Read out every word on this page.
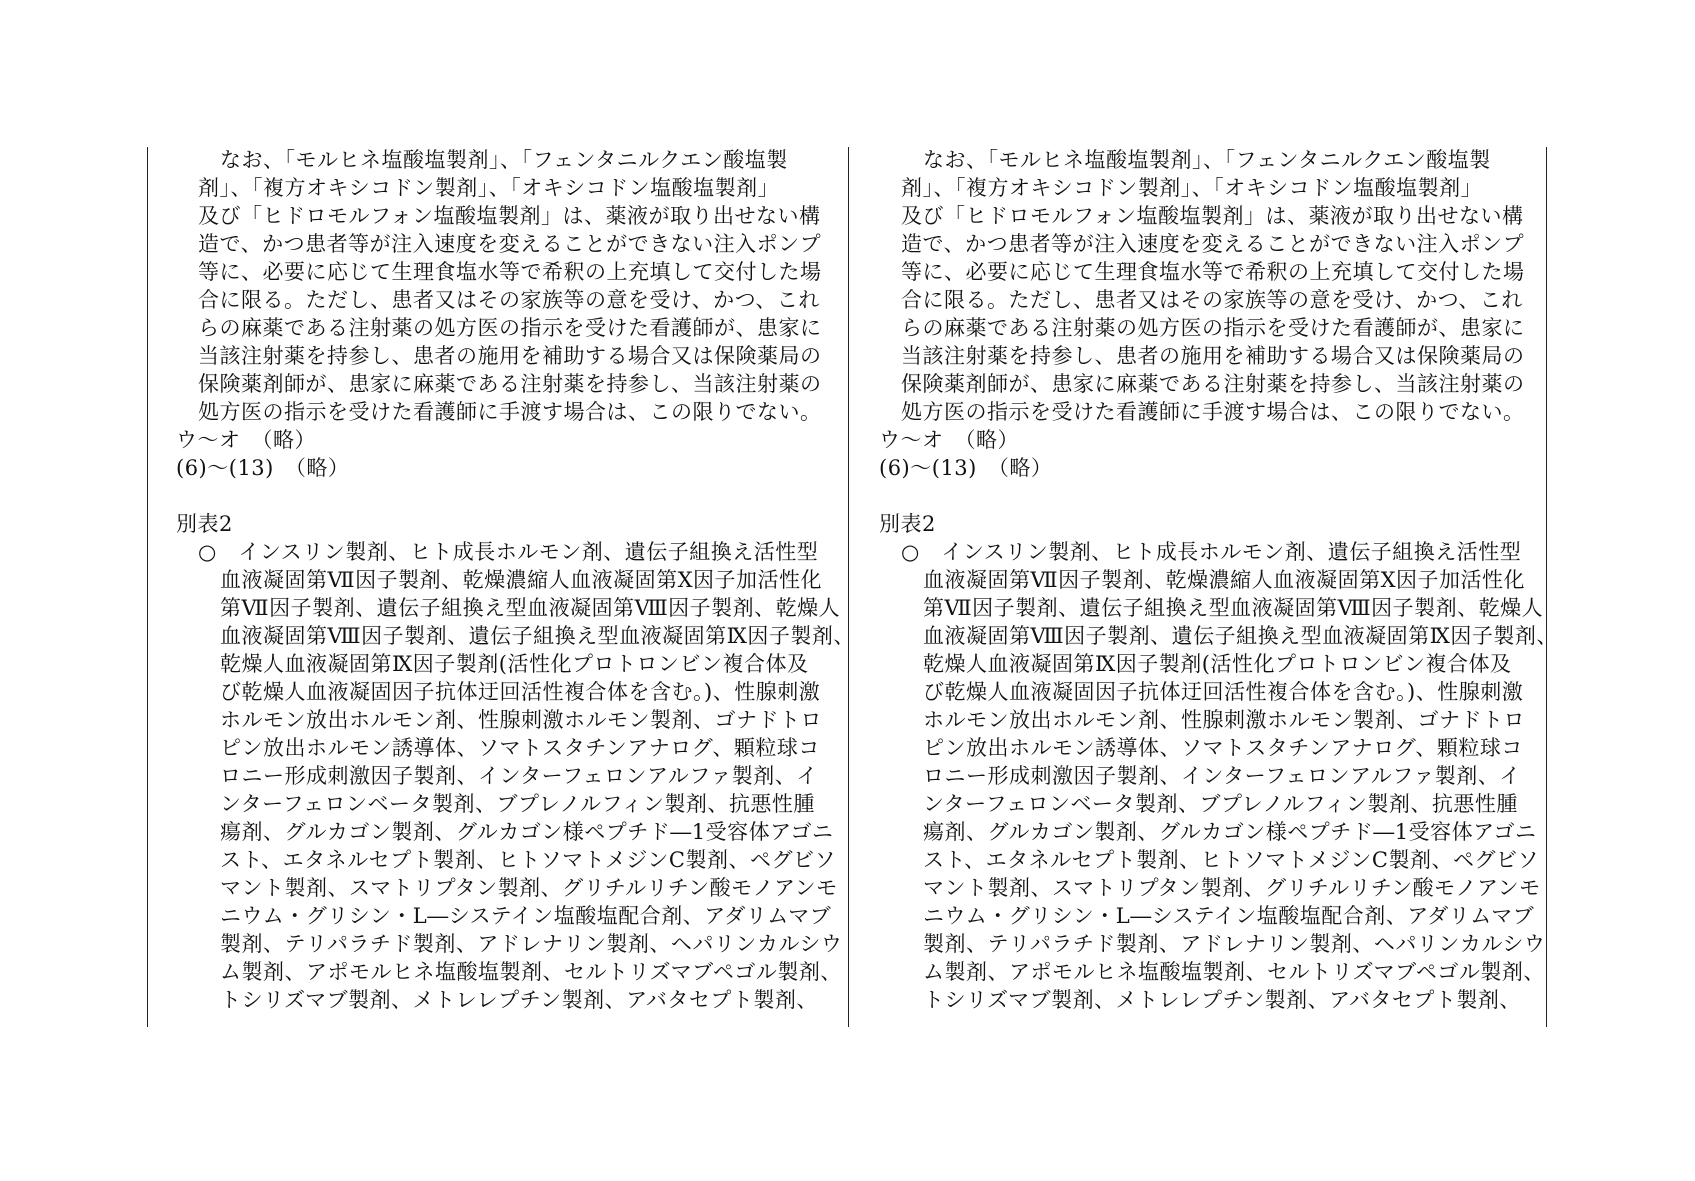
なお、「モルヒネ塩酸塩製剤」、「フェンタニルクエン酸塩製
剤」、「複方オキシコドン製剤」、「オキシコドン塩酸塩製剤」
及び「ヒドロモルフォン塩酸塩製剤」は、薬液が取り出せない構
造で、かつ患者等が注入速度を変えることができない注入ポンプ
等に、必要に応じて生理食塩水等で希釈の上充填して交付した場
合に限る。ただし、患者又はその家族等の意を受け、かつ、これ
らの麻薬である注射薬の処方医の指示を受けた看護師が、患家に
当該注射薬を持参し、患者の施用を補助する場合又は保険薬局の
保険薬剤師が、患家に麻薬である注射薬を持参し、当該注射薬の
処方医の指示を受けた看護師に手渡す場合は、この限りでない。
ウ～オ　（略）
(6)～(13)　（略）
別表2
○　インスリン製剤、ヒト成長ホルモン剤、遺伝子組換え活性型
血液凝固第Ⅶ因子製剤、乾燥濃縮人血液凝固第Ⅹ因子加活性化
第Ⅶ因子製剤、遺伝子組換え型血液凝固第Ⅷ因子製剤、乾燥人
血液凝固第Ⅷ因子製剤、遺伝子組換え型血液凝固第Ⅸ因子製剤、
乾燥人血液凝固第Ⅸ因子製剤(活性化プロトロンビン複合体及
び乾燥人血液凝固因子抗体迂回活性複合体を含む。)、性腺刺激
ホルモン放出ホルモン剤、性腺刺激ホルモン製剤、ゴナドトロ
ピン放出ホルモン誘導体、ソマトスタチンアナログ、顆粒球コ
ロニー形成刺激因子製剤、インターフェロンアルファ製剤、イ
ンターフェロンベータ製剤、ブプレノルフィン製剤、抗悪性腫
瘍剤、グルカゴン製剤、グルカゴン様ペプチド―1受容体アゴニ
スト、エタネルセプト製剤、ヒトソマトメジンC製剤、ペグビソ
マント製剤、スマトリプタン製剤、グリチルリチン酸モノアンモ
ニウム・グリシン・L―システイン塩酸塩配合剤、アダリムマブ
製剤、テリパラチド製剤、アドレナリン製剤、ヘパリンカルシウ
ム製剤、アポモルヒネ塩酸塩製剤、セルトリズマブペゴル製剤、
トシリズマブ製剤、メトレレプチン製剤、アバタセプト製剤、
なお、「モルヒネ塩酸塩製剤」、「フェンタニルクエン酸塩製
剤」、「複方オキシコドン製剤」、「オキシコドン塩酸塩製剤」
及び「ヒドロモルフォン塩酸塩製剤」は、薬液が取り出せない構
造で、かつ患者等が注入速度を変えることができない注入ポンプ
等に、必要に応じて生理食塩水等で希釈の上充填して交付した場
合に限る。ただし、患者又はその家族等の意を受け、かつ、これ
らの麻薬である注射薬の処方医の指示を受けた看護師が、患家に
当該注射薬を持参し、患者の施用を補助する場合又は保険薬局の
保険薬剤師が、患家に麻薬である注射薬を持参し、当該注射薬の
処方医の指示を受けた看護師に手渡す場合は、この限りでない。
ウ～オ　（略）
(6)～(13)　（略）
別表2
○　インスリン製剤、ヒト成長ホルモン剤、遺伝子組換え活性型
血液凝固第Ⅶ因子製剤、乾燥濃縮人血液凝固第Ⅹ因子加活性化
第Ⅶ因子製剤、遺伝子組換え型血液凝固第Ⅷ因子製剤、乾燥人
血液凝固第Ⅷ因子製剤、遺伝子組換え型血液凝固第Ⅸ因子製剤、
乾燥人血液凝固第Ⅸ因子製剤(活性化プロトロンビン複合体及
び乾燥人血液凝固因子抗体迂回活性複合体を含む。)、性腺刺激
ホルモン放出ホルモン剤、性腺刺激ホルモン製剤、ゴナドトロ
ピン放出ホルモン誘導体、ソマトスタチンアナログ、顆粒球コ
ロニー形成刺激因子製剤、インターフェロンアルファ製剤、イ
ンターフェロンベータ製剤、ブプレノルフィン製剤、抗悪性腫
瘍剤、グルカゴン製剤、グルカゴン様ペプチド―1受容体アゴニ
スト、エタネルセプト製剤、ヒトソマトメジンC製剤、ペグビソ
マント製剤、スマトリプタン製剤、グリチルリチン酸モノアンモ
ニウム・グリシン・L―システイン塩酸塩配合剤、アダリムマブ
製剤、テリパラチド製剤、アドレナリン製剤、ヘパリンカルシウ
ム製剤、アポモルヒネ塩酸塩製剤、セルトリズマブペゴル製剤、
トシリズマブ製剤、メトレレプチン製剤、アバタセプト製剤、
